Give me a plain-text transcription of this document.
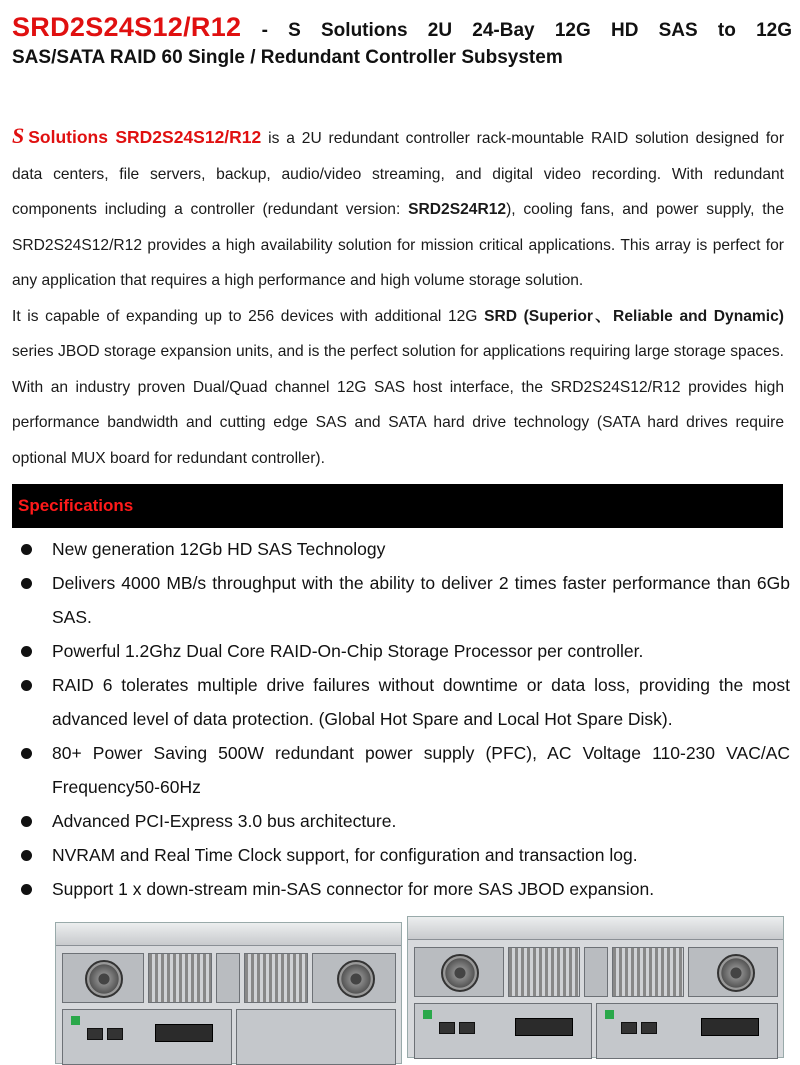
SRD2S24S12/R12 - S Solutions 2U 24-Bay 12G HD SAS to 12G
SAS/SATA RAID 60 Single / Redundant Controller Subsystem

S Solutions SRD2S24S12/R12 is a 2U redundant controller rack-mountable RAID solution designed for data centers, file servers, backup, audio/video streaming, and digital video recording. With redundant components including a controller (redundant version: SRD2S24R12), cooling fans, and power supply, the SRD2S24S12/R12 provides a high availability solution for mission critical applications. This array is perfect for any application that requires a high performance and high volume storage solution.

It is capable of expanding up to 256 devices with additional 12G SRD (Superior、Reliable and Dynamic) series JBOD storage expansion units, and is the perfect solution for applications requiring large storage spaces. With an industry proven Dual/Quad channel 12G SAS host interface, the SRD2S24S12/R12 provides high performance bandwidth and cutting edge SAS and SATA hard drive technology (SATA hard drives require optional MUX board for redundant controller).

Specifications
New generation 12Gb HD SAS Technology
Delivers 4000 MB/s throughput with the ability to deliver 2 times faster performance than 6Gb SAS.
Powerful 1.2Ghz Dual Core RAID-On-Chip Storage Processor per controller.
RAID 6 tolerates multiple drive failures without downtime or data loss, providing the most advanced level of data protection. (Global Hot Spare and Local Hot Spare Disk).
80+ Power Saving 500W redundant power supply (PFC), AC Voltage 110-230 VAC/AC Frequency50-60Hz
Advanced PCI-Express 3.0 bus architecture.
NVRAM and Real Time Clock support, for configuration and transaction log.
Support 1 x down-stream min-SAS connector for more SAS JBOD expansion.
